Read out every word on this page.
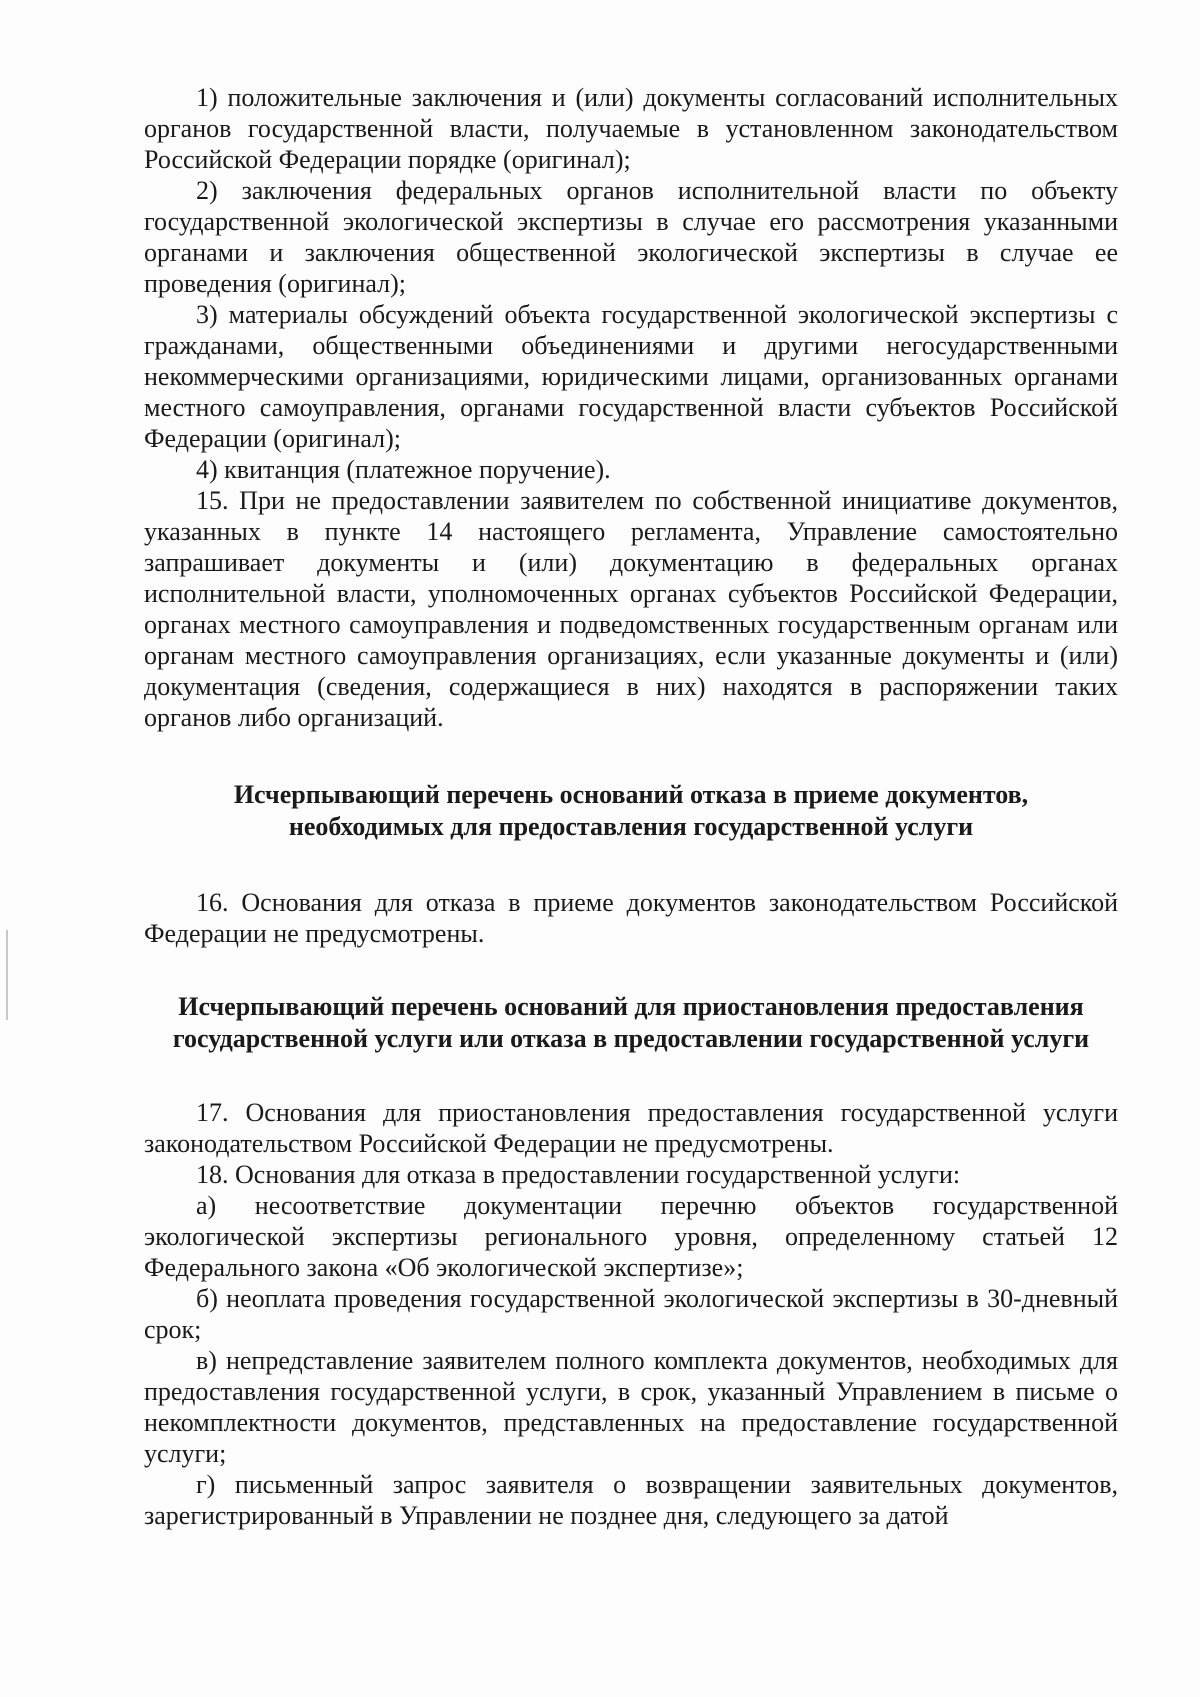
1) положительные заключения и (или) документы согласований исполнительных органов государственной власти, получаемые в установленном законодательством Российской Федерации порядке (оригинал);

2) заключения федеральных органов исполнительной власти по объекту государственной экологической экспертизы в случае его рассмотрения указанными органами и заключения общественной экологической экспертизы в случае ее проведения (оригинал);

3) материалы обсуждений объекта государственной экологической экспертизы с гражданами, общественными объединениями и другими негосударственными некоммерческими организациями, юридическими лицами, организованных органами местного самоуправления, органами государственной власти субъектов Российской Федерации (оригинал);

4) квитанция (платежное поручение).

15. При не предоставлении заявителем по собственной инициативе документов, указанных в пункте 14 настоящего регламента, Управление самостоятельно запрашивает документы и (или) документацию в федеральных органах исполнительной власти, уполномоченных органах субъектов Российской Федерации, органах местного самоуправления и подведомственных государственным органам или органам местного самоуправления организациях, если указанные документы и (или) документация (сведения, содержащиеся в них) находятся в распоряжении таких органов либо организаций.

Исчерпывающий перечень оснований отказа в приеме документов, необходимых для предоставления государственной услуги

16. Основания для отказа в приеме документов законодательством Российской Федерации не предусмотрены.

Исчерпывающий перечень оснований для приостановления предоставления государственной услуги или отказа в предоставлении государственной услуги

17. Основания для приостановления предоставления государственной услуги законодательством Российской Федерации не предусмотрены.

18. Основания для отказа в предоставлении государственной услуги:

а) несоответствие документации перечню объектов государственной экологической экспертизы регионального уровня, определенному статьей 12 Федерального закона «Об экологической экспертизе»;

б) неоплата проведения государственной экологической экспертизы в 30-дневный срок;

в) непредставление заявителем полного комплекта документов, необходимых для предоставления государственной услуги, в срок, указанный Управлением в письме о некомплектности документов, представленных на предоставление государственной услуги;

г) письменный запрос заявителя о возвращении заявительных документов, зарегистрированный в Управлении не позднее дня, следующего за датой
